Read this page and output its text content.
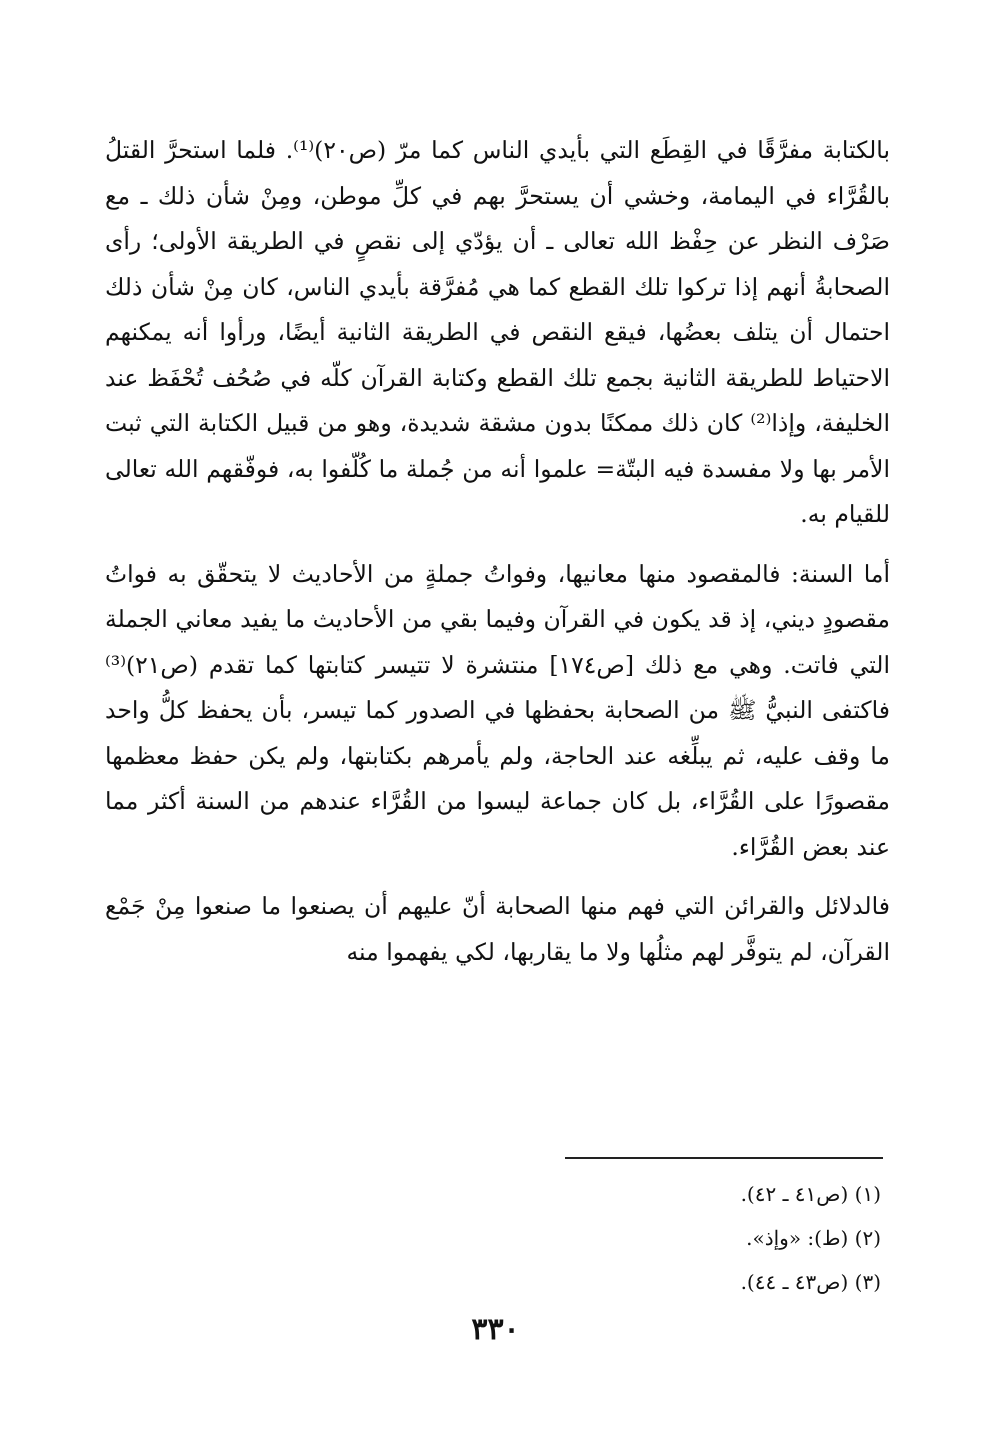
بالكتابة مفرَّقًا في القِطَع التي بأيدي الناس كما مرّ (ص٢٠)⁽¹⁾. فلما استحرَّ القتلُ بالقُرَّاء في اليمامة، وخشي أن يستحرَّ بهم في كلِّ موطن، ومِنْ شأن ذلك ـ مع صَرْف النظر عن حِفْظ الله تعالى ـ أن يؤدّي إلى نقصٍ في الطريقة الأولى؛ رأى الصحابةُ أنهم إذا تركوا تلك القطع كما هي مُفرَّقة بأيدي الناس، كان مِنْ شأن ذلك احتمال أن يتلف بعضُها، فيقع النقص في الطريقة الثانية أيضًا، ورأوا أنه يمكنهم الاحتياط للطريقة الثانية بجمع تلك القطع وكتابة القرآن كلّه في صُحُف تُحْفَظ عند الخليفة، وإذا⁽²⁾ كان ذلك ممكنًا بدون مشقة شديدة، وهو من قبيل الكتابة التي ثبت الأمر بها ولا مفسدة فيه البتّة= علموا أنه من جُملة ما كُلّفوا به، فوفّقهم الله تعالى للقيام به.

أما السنة: فالمقصود منها معانيها، وفواتُ جملةٍ من الأحاديث لا يتحقّق به فواتُ مقصودٍ ديني، إذ قد يكون في القرآن وفيما بقي من الأحاديث ما يفيد معاني الجملة التي فاتت. وهي مع ذلك [ص١٧٤] منتشرة لا تتيسر كتابتها كما تقدم (ص٢١)⁽³⁾ فاكتفى النبيُّ ﷺ من الصحابة بحفظها في الصدور كما تيسر، بأن يحفظ كلُّ واحد ما وقف عليه، ثم يبلِّغه عند الحاجة، ولم يأمرهم بكتابتها، ولم يكن حفظ معظمها مقصورًا على القُرَّاء، بل كان جماعة ليسوا من القُرَّاء عندهم من السنة أكثر مما عند بعض القُرَّاء.

فالدلائل والقرائن التي فهم منها الصحابة أنّ عليهم أن يصنعوا ما صنعوا مِنْ جَمْع القرآن، لم يتوفَّر لهم مثلُها ولا ما يقاربها، لكي يفهموا منه

(١) (ص٤١ ـ ٤٢).

(٢) (ط): «وإذ».

(٣) (ص٤٣ ـ ٤٤).

٣٣٠
